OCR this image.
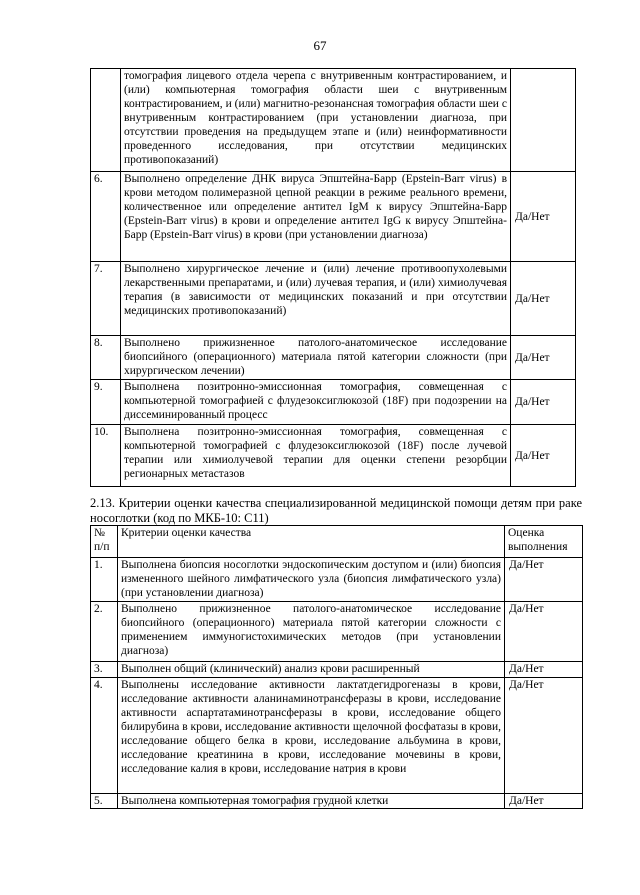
67
	томография лицевого отдела черепа с внутривенным контрастированием, и (или) компьютерная томография области шеи с внутривенным контрастированием, и (или) магнитно-резонансная томография области шеи с внутривенным контрастированием (при установлении диагноза, при отсутствии проведения на предыдущем этапе и (или) неинформативности проведенного исследования, при отсутствии медицинских противопоказаний)	
6.	Выполнено определение ДНК вируса Эпштейна-Барр (Epstein-Barr virus) в крови методом полимеразной цепной реакции в режиме реального времени, количественное или определение антител IgM к вирусу Эпштейна-Барр (Epstein-Barr virus) в крови и определение антител IgG к вирусу Эпштейна-Барр (Epstein-Barr virus) в крови (при установлении диагноза)	Да/Нет
7.	Выполнено хирургическое лечение и (или) лечение противоопухолевыми лекарственными препаратами, и (или) лучевая терапия, и (или) химиолучевая терапия (в зависимости от медицинских показаний и при отсутствии медицинских противопоказаний)	Да/Нет
8.	Выполнено прижизненное патолого-анатомическое исследование биопсийного (операционного) материала пятой категории сложности (при хирургическом лечении)	Да/Нет
9.	Выполнена позитронно-эмиссионная томография, совмещенная с компьютерной томографией с флудезоксиглюкозой (18F) при подозрении на диссеминированный процесс	Да/Нет
10.	Выполнена позитронно-эмиссионная томография, совмещенная с компьютерной томографией с флудезоксиглюкозой (18F) после лучевой терапии или химиолучевой терапии для оценки степени резорбции регионарных метастазов	Да/Нет
2.13. Критерии оценки качества специализированной медицинской помощи детям при раке носоглотки (код по МКБ-10: C11)
№ п/п	Критерии оценки качества	Оценка выполнения
1.	Выполнена биопсия носоглотки эндоскопическим доступом и (или) биопсия измененного шейного лимфатического узла (биопсия лимфатического узла) (при установлении диагноза)	Да/Нет
2.	Выполнено прижизненное патолого-анатомическое исследование биопсийного (операционного) материала пятой категории сложности с применением иммуногистохимических методов (при установлении диагноза)	Да/Нет
3.	Выполнен общий (клинический) анализ крови расширенный	Да/Нет
4.	Выполнены исследование активности лактатдегидрогеназы в крови, исследование активности аланинаминотрансферазы в крови, исследование активности аспартатаминотрансферазы в крови, исследование общего билирубина в крови, исследование активности щелочной фосфатазы в крови, исследование общего белка в крови, исследование альбумина в крови, исследование креатинина в крови, исследование мочевины в крови, исследование калия в крови, исследование натрия в крови	Да/Нет
5.	Выполнена компьютерная томография грудной клетки	Да/Нет
